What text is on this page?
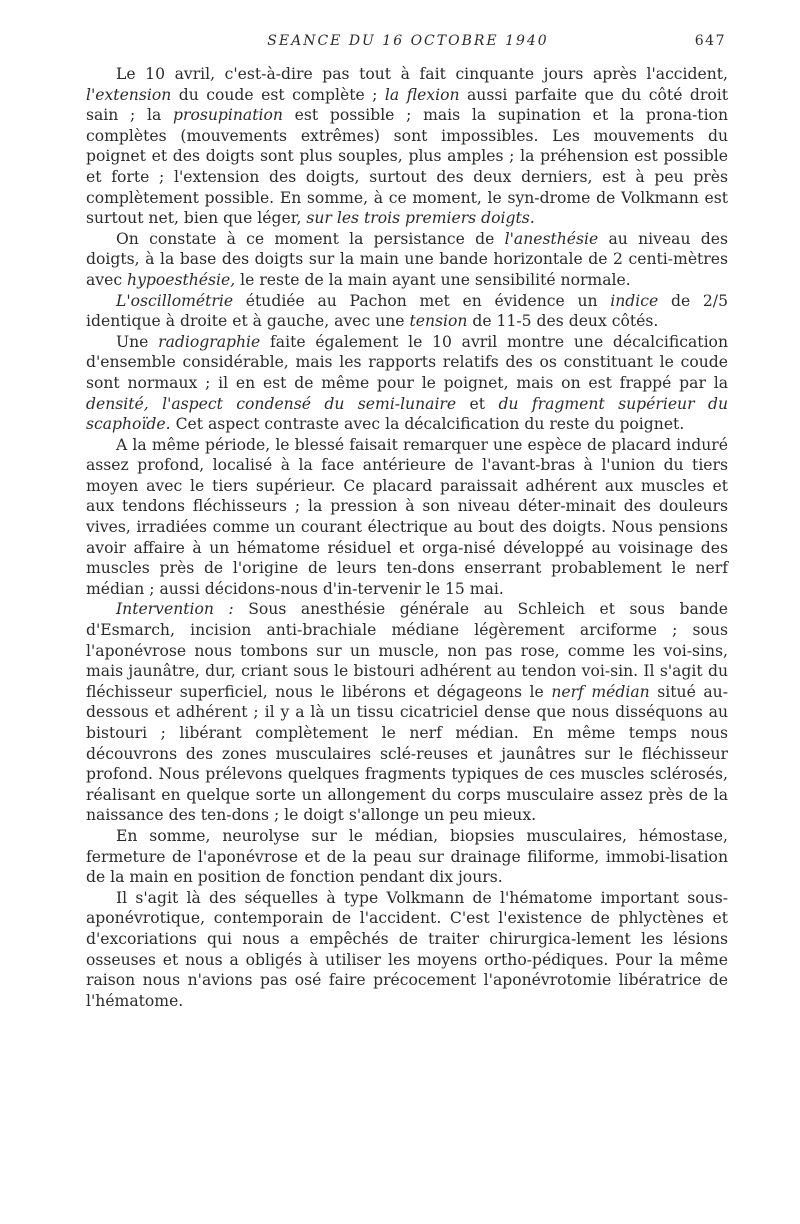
SEANCE DU 16 OCTOBRE 1940	647

Le 10 avril, c'est-à-dire pas tout à fait cinquante jours après l'accident, l'extension du coude est complète ; la flexion aussi parfaite que du côté droit sain ; la prosupination est possible ; mais la supination et la prona-tion complètes (mouvements extrêmes) sont impossibles. Les mouvements du poignet et des doigts sont plus souples, plus amples ; la préhension est possible et forte ; l'extension des doigts, surtout des deux derniers, est à peu près complètement possible. En somme, à ce moment, le syn-drome de Volkmann est surtout net, bien que léger, sur les trois premiers doigts.

On constate à ce moment la persistance de l'anesthésie au niveau des doigts, à la base des doigts sur la main une bande horizontale de 2 centi-mètres avec hypoesthésie, le reste de la main ayant une sensibilité normale.

L'oscillométrie étudiée au Pachon met en évidence un indice de 2/5 identique à droite et à gauche, avec une tension de 11-5 des deux côtés.

Une radiographie faite également le 10 avril montre une décalcification d'ensemble considérable, mais les rapports relatifs des os constituant le coude sont normaux ; il en est de même pour le poignet, mais on est frappé par la densité, l'aspect condensé du semi-lunaire et du fragment supérieur du scaphoïde. Cet aspect contraste avec la décalcification du reste du poignet.

A la même période, le blessé faisait remarquer une espèce de placard induré assez profond, localisé à la face antérieure de l'avant-bras à l'union du tiers moyen avec le tiers supérieur. Ce placard paraissait adhérent aux muscles et aux tendons fléchisseurs ; la pression à son niveau déter-minait des douleurs vives, irradiées comme un courant électrique au bout des doigts. Nous pensions avoir affaire à un hématome résiduel et orga-nisé développé au voisinage des muscles près de l'origine de leurs ten-dons enserrant probablement le nerf médian ; aussi décidons-nous d'in-tervenir le 15 mai.

Intervention : Sous anesthésie générale au Schleich et sous bande d'Esmarch, incision anti-brachiale médiane légèrement arciforme ; sous l'aponévrose nous tombons sur un muscle, non pas rose, comme les voi-sins, mais jaunâtre, dur, criant sous le bistouri adhérent au tendon voi-sin. Il s'agit du fléchisseur superficiel, nous le libérons et dégageons le nerf médian situé au-dessous et adhérent ; il y a là un tissu cicatriciel dense que nous disséquons au bistouri ; libérant complètement le nerf médian. En même temps nous découvrons des zones musculaires sclé-reuses et jaunâtres sur le fléchisseur profond. Nous prélevons quelques fragments typiques de ces muscles sclérosés, réalisant en quelque sorte un allongement du corps musculaire assez près de la naissance des ten-dons ; le doigt s'allonge un peu mieux.

En somme, neurolyse sur le médian, biopsies musculaires, hémostase, fermeture de l'aponévrose et de la peau sur drainage filiforme, immobi-lisation de la main en position de fonction pendant dix jours.

Il s'agit là des séquelles à type Volkmann de l'hématome important sous-aponévrotique, contemporain de l'accident. C'est l'existence de phlyctènes et d'excoriations qui nous a empêchés de traiter chirurgica-lement les lésions osseuses et nous a obligés à utiliser les moyens ortho-pédiques. Pour la même raison nous n'avions pas osé faire précocement l'aponévrotomie libératrice de l'hématome.
